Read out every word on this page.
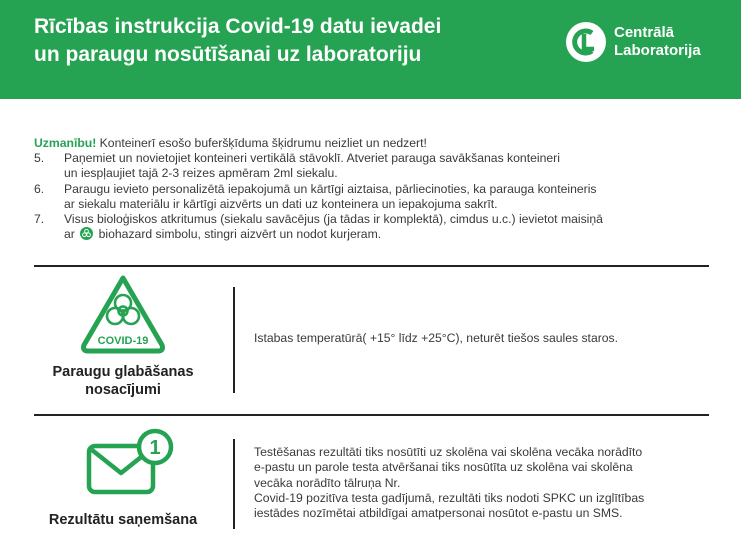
Rīcības instrukcija Covid-19 datu ievadei
un paraugu nosūtīšanai uz laboratoriju
Centrālā
Laboratorija
Uzmanību! Konteinerī esošo buferšķīduma šķidrumu neizliet un nedzert!
5. Paņemiet un novietojiet konteineri vertikālā stāvoklī. Atveriet parauga savākšanas konteineri
un iespļaujiet tajā 2-3 reizes apmēram 2ml siekalu.
6. Paraugu ievieto personalizētā iepakojumā un kārtīgi aiztaisa, pārliecinoties, ka parauga konteineris
ar siekalu materiālu ir kārtīgi aizvērts un dati uz konteinera un iepakojuma sakrīt.
7. Visus bioloģiskos atkritumus (siekalu savācējus (ja tādas ir komplektā), cimdus u.c.) ievietot maisiņā
ar biohazard simbolu, stingri aizvērt un nodot kurjeram.
COVID-19
Paraugu glabāšanas
nosacījumi
Istabas temperatūrā( +15° līdz +25°C), neturēt tiešos saules staros.
1
Rezultātu saņemšana
Testēšanas rezultāti tiks nosūtīti uz skolēna vai skolēna vecāka norādīto
e-pastu un parole testa atvēršanai tiks nosūtīta uz skolēna vai skolēna
vecāka norādīto tālruņa Nr.
Covid-19 pozitīva testa gadījumā, rezultāti tiks nodoti SPKC un izglītības
iestādes nozīmētai atbildīgai amatpersonai nosūtot e-pastu un SMS.
